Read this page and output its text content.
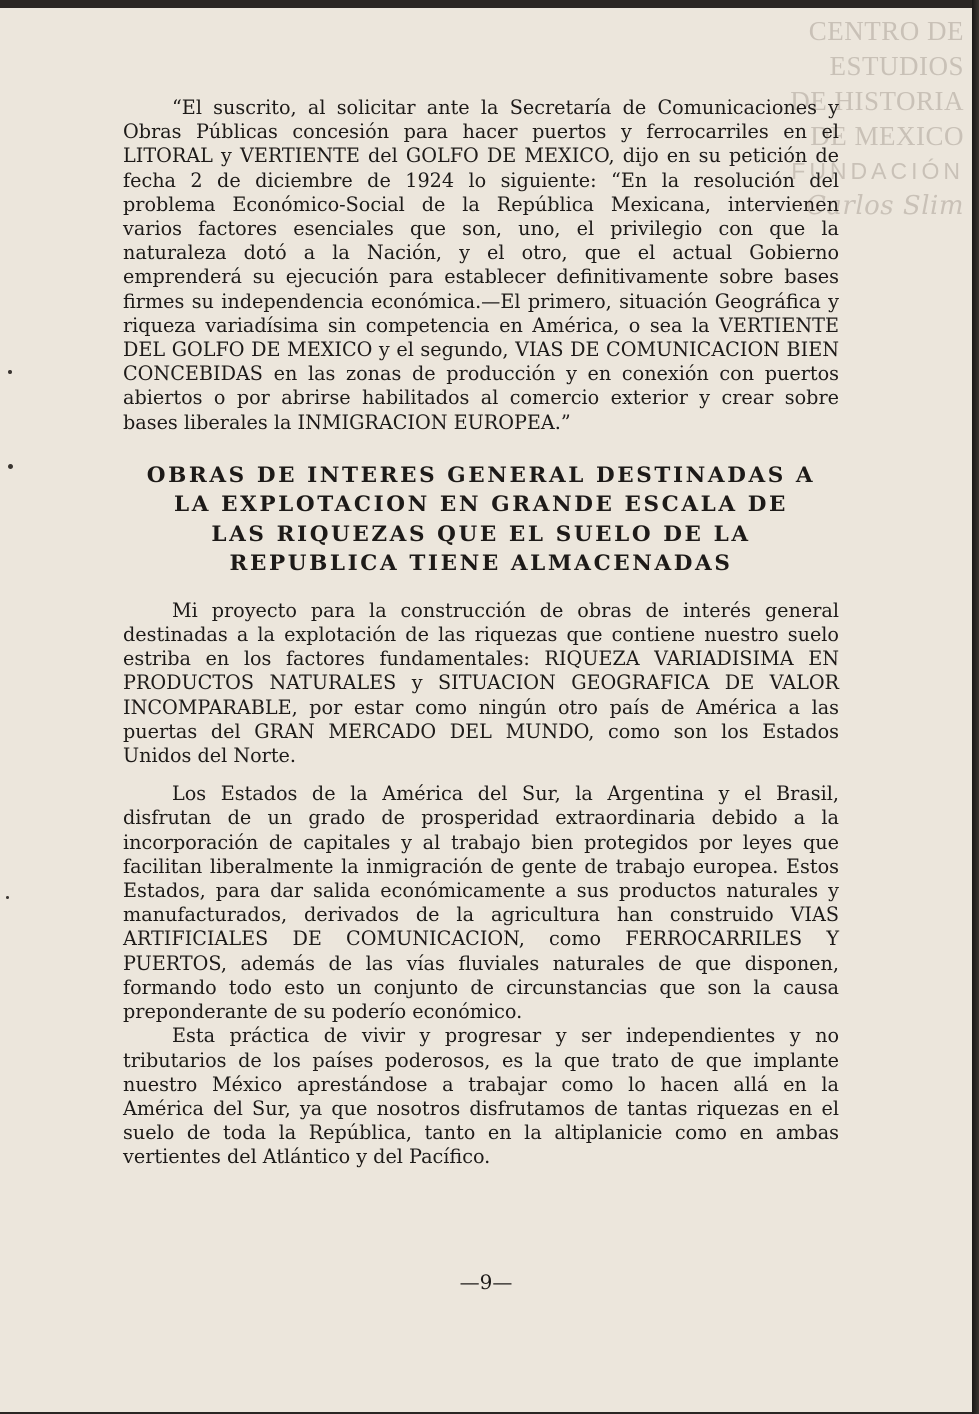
CENTRO DE
ESTUDIOS
DE HISTORIA
DE MEXICO
FUNDACIÓN
Carlos Slim

“El suscrito, al solicitar ante la Secretaría de Comunicaciones y Obras Públicas concesión para hacer puertos y ferrocarriles en el LITORAL y VERTIENTE del GOLFO DE MEXICO, dijo en su petición de fecha 2 de diciembre de 1924 lo siguiente: “En la resolución del problema Económico-Social de la República Mexicana, intervienen varios factores esenciales que son, uno, el privilegio con que la naturaleza dotó a la Nación, y el otro, que el actual Gobierno emprenderá su ejecución para establecer definitivamente sobre bases firmes su independencia económica.—El primero, situación Geográfica y riqueza variadísima sin competencia en América, o sea la VERTIENTE DEL GOLFO DE MEXICO y el segundo, VIAS DE COMUNICACION BIEN CONCEBIDAS en las zonas de producción y en conexión con puertos abiertos o por abrirse habilitados al comercio exterior y crear sobre bases liberales la INMIGRACION EUROPEA.”

OBRAS DE INTERES GENERAL DESTINADAS A
LA EXPLOTACION EN GRANDE ESCALA DE
LAS RIQUEZAS QUE EL SUELO DE LA
REPUBLICA TIENE ALMACENADAS

Mi proyecto para la construcción de obras de interés general destinadas a la explotación de las riquezas que contiene nuestro suelo estriba en los factores fundamentales: RIQUEZA VARIADISIMA EN PRODUCTOS NATURALES y SITUACION GEOGRAFICA DE VALOR INCOMPARABLE, por estar como ningún otro país de América a las puertas del GRAN MERCADO DEL MUNDO, como son los Estados Unidos del Norte.

Los Estados de la América del Sur, la Argentina y el Brasil, disfrutan de un grado de prosperidad extraordinaria debido a la incorporación de capitales y al trabajo bien protegidos por leyes que facilitan liberalmente la inmigración de gente de trabajo europea. Estos Estados, para dar salida económicamente a sus productos naturales y manufacturados, derivados de la agricultura han construido VIAS ARTIFICIALES DE COMUNICACION, como FERROCARRILES Y PUERTOS, además de las vías fluviales naturales de que disponen, formando todo esto un conjunto de circunstancias que son la causa preponderante de su poderío económico.

Esta práctica de vivir y progresar y ser independientes y no tributarios de los países poderosos, es la que trato de que implante nuestro México aprestándose a trabajar como lo hacen allá en la América del Sur, ya que nosotros disfrutamos de tantas riquezas en el suelo de toda la República, tanto en la altiplanicie como en ambas vertientes del Atlántico y del Pacífico.

—9—
